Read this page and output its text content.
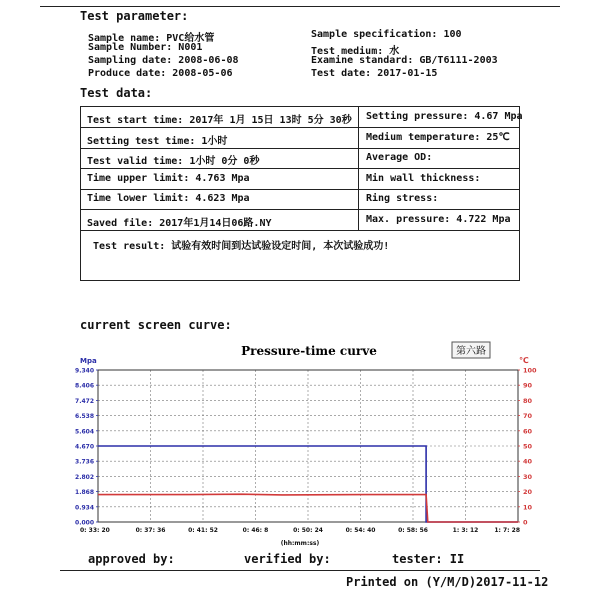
Test parameter:
Sample name: PVC给水管
Sample Number: N001
Sampling date: 2008-06-08
Produce date: 2008-05-06
Sample specification: 100
Test medium: 水
Examine standard: GB/T6111-2003
Test date: 2017-01-15
Test data:
Test start time: 2017年 1月 15日 13时 5分 30秒 Setting pressure: 4.67 Mpa
Setting test time: 1小时	Medium temperature: 25℃
Test valid time: 1小时 0分 0秒	Average OD:
Time upper limit: 4.763 Mpa	Min wall thickness:
Time lower limit: 4.623 Mpa	Ring stress:
Saved file: 2017年1月14日06路.NY	Max. pressure: 4.722 Mpa
Test result: 试验有效时间到达试验设定时间, 本次试验成功!
current screen curve:
Pressure-time curve	第六路
Mpa	℃
0.000
0.934
1.868
2.802
3.736
4.670
5.604
6.538
7.472
8.406
9.340
0
10
20
30
40
50
60
70
80
90
100
0: 33: 20	0: 37: 36	0: 41: 52	0: 46: 8	0: 50: 24	0: 54: 40	0: 58: 56	1: 3: 12	1: 7: 28
(hh:mm:ss)
approved by:	verified by:	tester: II
Printed on (Y/M/D)2017-11-12
